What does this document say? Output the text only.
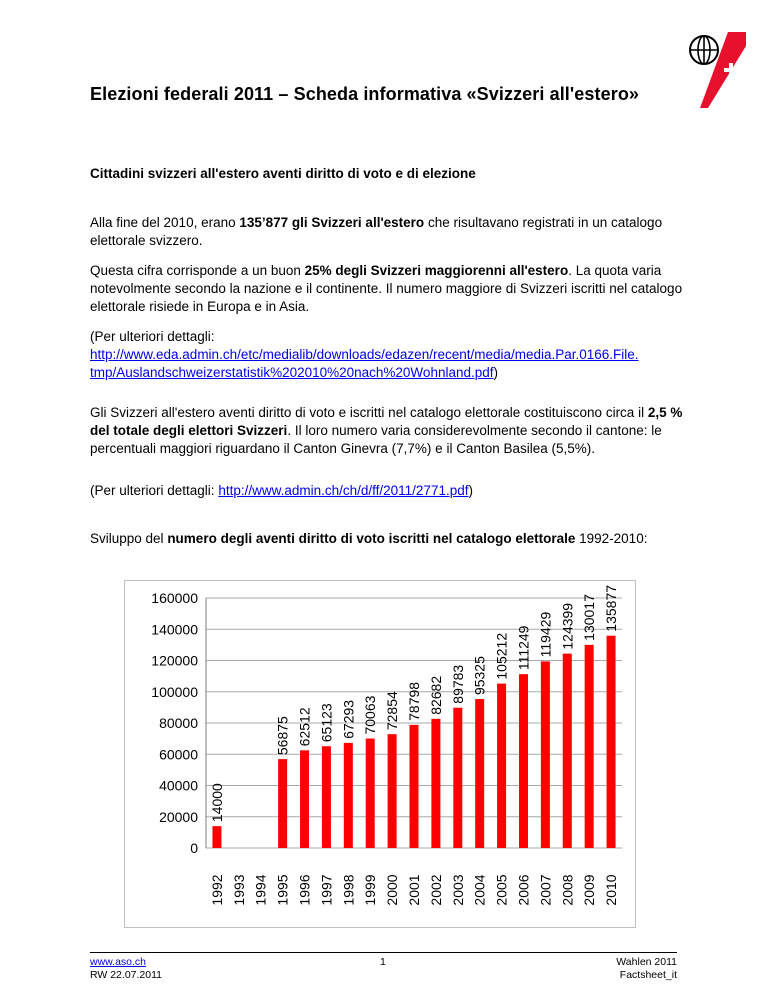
Elezioni federali 2011 – Scheda informativa «Svizzeri all'estero»

Cittadini svizzeri all'estero aventi diritto di voto e di elezione

Alla fine del 2010, erano 135’877 gli Svizzeri all'estero che risultavano registrati in un catalogo elettorale svizzero.

Questa cifra corrisponde a un buon 25% degli Svizzeri maggiorenni all'estero. La quota varia notevolmente secondo la nazione e il continente. Il numero maggiore di Svizzeri iscritti nel catalogo elettorale risiede in Europa e in Asia.

(Per ulteriori dettagli:
http://www.eda.admin.ch/etc/medialib/downloads/edazen/recent/media/media.Par.0166.File.
tmp/Auslandschweizerstatistik%202010%20nach%20Wohnland.pdf)

Gli Svizzeri all'estero aventi diritto di voto e iscritti nel catalogo elettorale costituiscono circa il 2,5 % del totale degli elettori Svizzeri. Il loro numero varia considerevolmente secondo il cantone: le percentuali maggiori riguardano il Canton Ginevra (7,7%) e il Canton Basilea (5,5%).

(Per ulteriori dettagli: http://www.admin.ch/ch/d/ff/2011/2771.pdf)

Sviluppo del numero degli aventi diritto di voto iscritti nel catalogo elettorale 1992-2010:

0
20000
40000
60000
80000
100000
120000
140000
160000
14000
1992 1993 1994
56875
1995
62512
1996
65123
1997
67293
1998
70063
1999
72854
2000
78798
2001
82682
2002
89783
2003
95325
2004
105212
2005
111249
2006
119429
2007
124399
2008
130017
2009
135877
2010
www.aso.ch
RW 22.07.2011
1	Wahlen 2011 Factsheet_it
